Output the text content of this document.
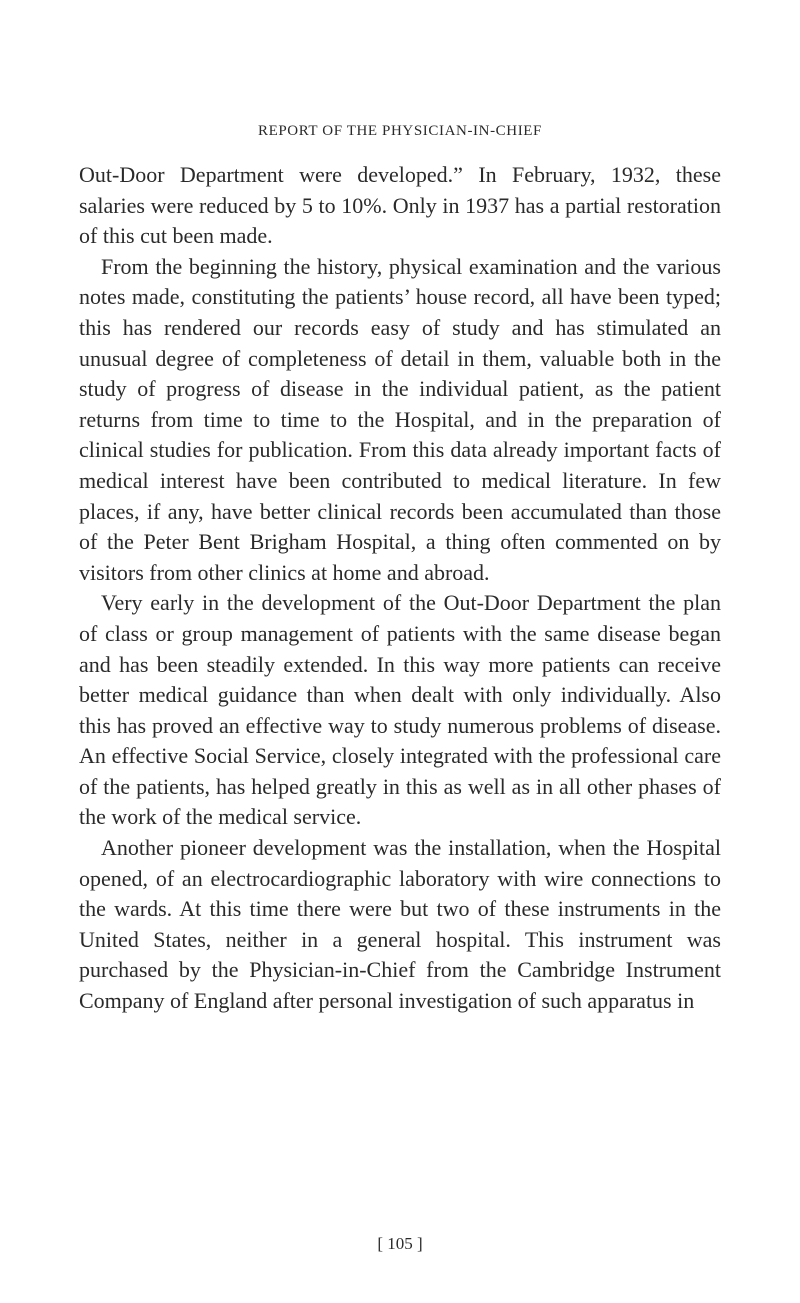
REPORT OF THE PHYSICIAN-IN-CHIEF

Out-Door Department were developed.” In February, 1932, these salaries were reduced by 5 to 10%. Only in 1937 has a partial restoration of this cut been made.

From the beginning the history, physical examination and the various notes made, constituting the patients’ house record, all have been typed; this has rendered our records easy of study and has stimulated an unusual degree of completeness of detail in them, valuable both in the study of progress of disease in the individual patient, as the patient returns from time to time to the Hospital, and in the preparation of clinical studies for publication. From this data already important facts of medical interest have been contributed to medical literature. In few places, if any, have better clinical records been accumulated than those of the Peter Bent Brigham Hospital, a thing often commented on by visitors from other clinics at home and abroad.

Very early in the development of the Out-Door Department the plan of class or group management of patients with the same disease began and has been steadily extended. In this way more patients can receive better medical guidance than when dealt with only individually. Also this has proved an effective way to study numerous problems of disease. An effective Social Service, closely integrated with the professional care of the patients, has helped greatly in this as well as in all other phases of the work of the medical service.

Another pioneer development was the installation, when the Hospital opened, of an electrocardiographic laboratory with wire connections to the wards. At this time there were but two of these instruments in the United States, neither in a general hospital. This instrument was purchased by the Physician-in-Chief from the Cambridge Instrument Company of England after personal investigation of such apparatus in

[ 105 ]
